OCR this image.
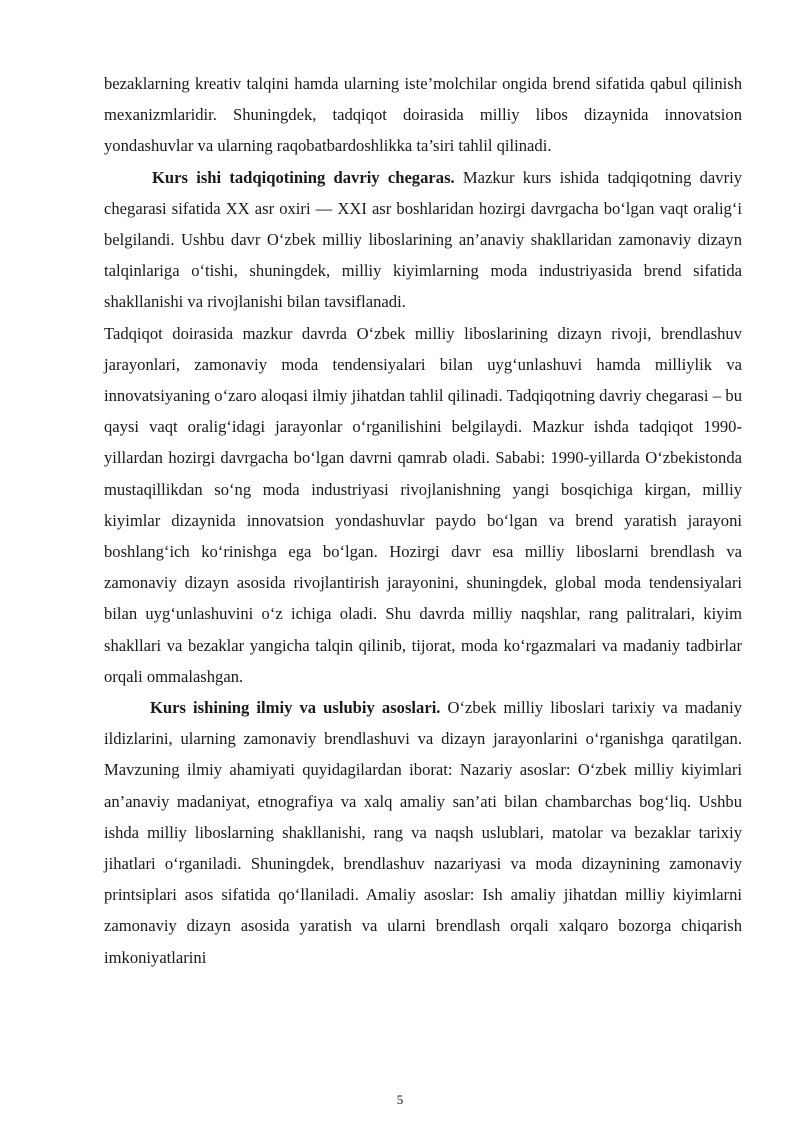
bezaklarning kreativ talqini hamda ularning iste’molchilar ongida brend sifatida qabul qilinish mexanizmlaridir. Shuningdek, tadqiqot doirasida milliy libos dizaynida innovatsion yondashuvlar va ularning raqobatbardoshlikka ta’siri tahlil qilinadi.

Kurs ishi tadqiqotining davriy chegaras. Mazkur kurs ishida tadqiqotning davriy chegarasi sifatida XX asr oxiri — XXI asr boshlaridan hozirgi davrgacha bo‘lgan vaqt oralig‘i belgilandi. Ushbu davr O‘zbek milliy liboslarining an’anaviy shakllaridan zamonaviy dizayn talqinlariga o‘tishi, shuningdek, milliy kiyimlarning moda industriyasida brend sifatida shakllanishi va rivojlanishi bilan tavsiflanadi.

Tadqiqot doirasida mazkur davrda O‘zbek milliy liboslarining dizayn rivoji, brendlashuv jarayonlari, zamonaviy moda tendensiyalari bilan uyg‘unlashuvi hamda milliylik va innovatsiyaning o‘zaro aloqasi ilmiy jihatdan tahlil qilinadi. Tadqiqotning davriy chegarasi – bu qaysi vaqt oralig‘idagi jarayonlar o‘rganilishini belgilaydi. Mazkur ishda tadqiqot 1990-yillardan hozirgi davrgacha bo‘lgan davrni qamrab oladi. Sababi: 1990-yillarda O‘zbekistonda mustaqillikdan so‘ng moda industriyasi rivojlanishning yangi bosqichiga kirgan, milliy kiyimlar dizaynida innovatsion yondashuvlar paydo bo‘lgan va brend yaratish jarayoni boshlang‘ich ko‘rinishga ega bo‘lgan. Hozirgi davr esa milliy liboslarni brendlash va zamonaviy dizayn asosida rivojlantirish jarayonini, shuningdek, global moda tendensiyalari bilan uyg‘unlashuvini o‘z ichiga oladi. Shu davrda milliy naqshlar, rang palitralari, kiyim shakllari va bezaklar yangicha talqin qilinib, tijorat, moda ko‘rgazmalari va madaniy tadbirlar orqali ommalashgan.

Kurs ishining ilmiy va uslubiy asoslari. O‘zbek milliy liboslari tarixiy va madaniy ildizlarini, ularning zamonaviy brendlashuvi va dizayn jarayonlarini o‘rganishga qaratilgan. Mavzuning ilmiy ahamiyati quyidagilardan iborat: Nazariy asoslar: O‘zbek milliy kiyimlari an’anaviy madaniyat, etnografiya va xalq amaliy san’ati bilan chambarchas bog‘liq. Ushbu ishda milliy liboslarning shakllanishi, rang va naqsh uslublari, matolar va bezaklar tarixiy jihatlari o‘rganiladi. Shuningdek, brendlashuv nazariyasi va moda dizaynining zamonaviy printsiplari asos sifatida qo‘llaniladi. Amaliy asoslar: Ish amaliy jihatdan milliy kiyimlarni zamonaviy dizayn asosida yaratish va ularni brendlash orqali xalqaro bozorga chiqarish imkoniyatlarini

5
